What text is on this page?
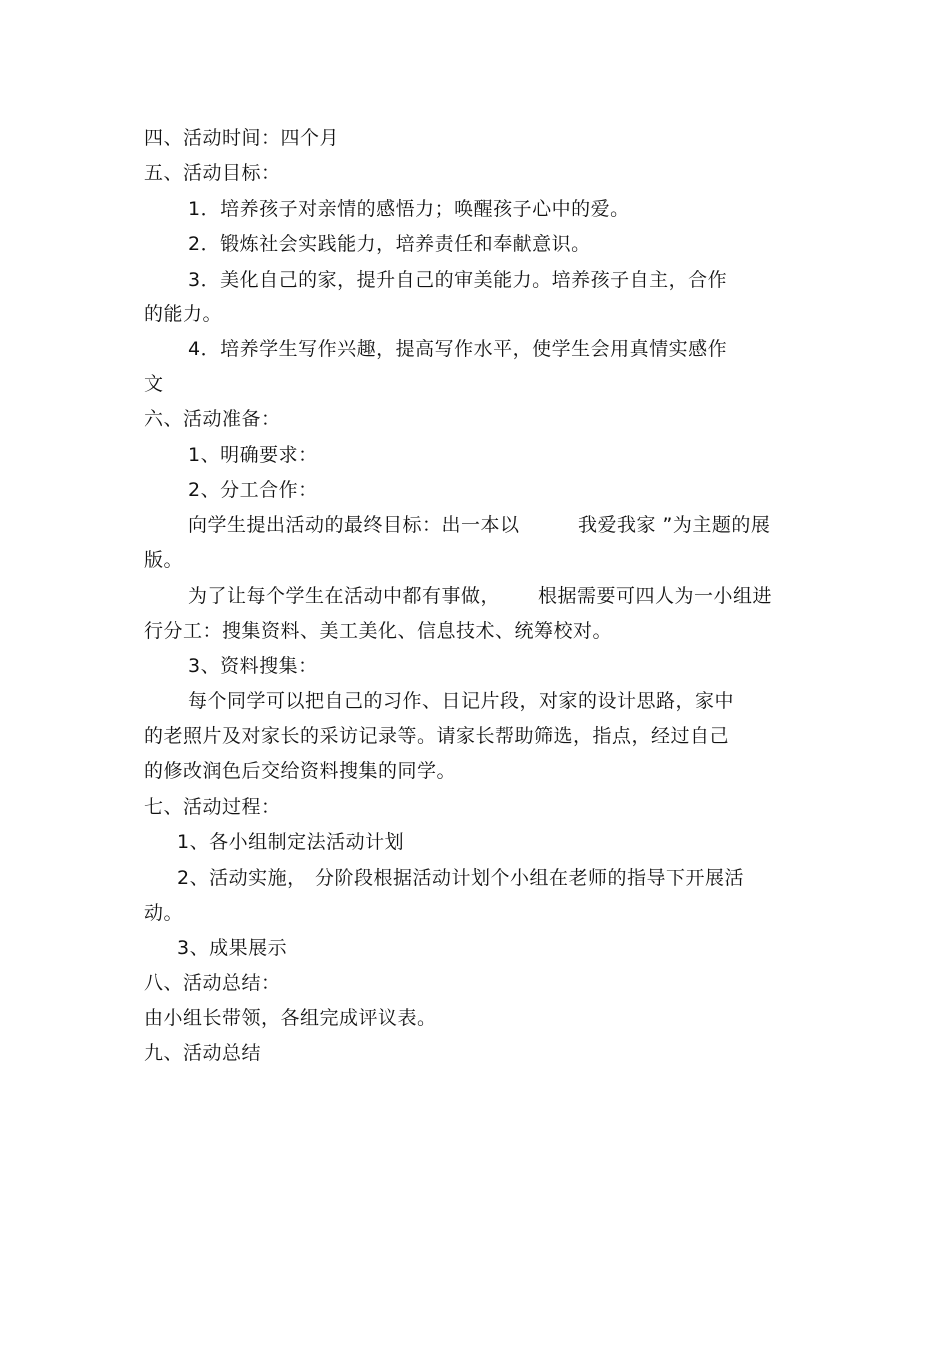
四、活动时间：四个月
五、活动目标：
1．培养孩子对亲情的感悟力；唤醒孩子心中的爱。
2．锻炼社会实践能力，培养责任和奉献意识。
3．美化自己的家，提升自己的审美能力。培养孩子自主，合作
的能力。
4．培养学生写作兴趣，提高写作水平，使学生会用真情实感作
文
六、活动准备：
1、明确要求：
2、分工合作：
向学生提出活动的最终目标：出一本以	我爱我家 ”为主题的展
版。
为了让每个学生在活动中都有事做， 根据需要可四人为一小组进
行分工：搜集资料、美工美化、信息技术、统筹校对。
3、资料搜集：
每个同学可以把自己的习作、日记片段，对家的设计思路，家中
的老照片及对家长的采访记录等。请家长帮助筛选，指点，经过自己
的修改润色后交给资料搜集的同学。
七、活动过程：
1、各小组制定法活动计划
2、活动实施， 分阶段根据活动计划个小组在老师的指导下开展活
动。
3、成果展示
八、活动总结：
由小组长带领，各组完成评议表。
九、活动总结
